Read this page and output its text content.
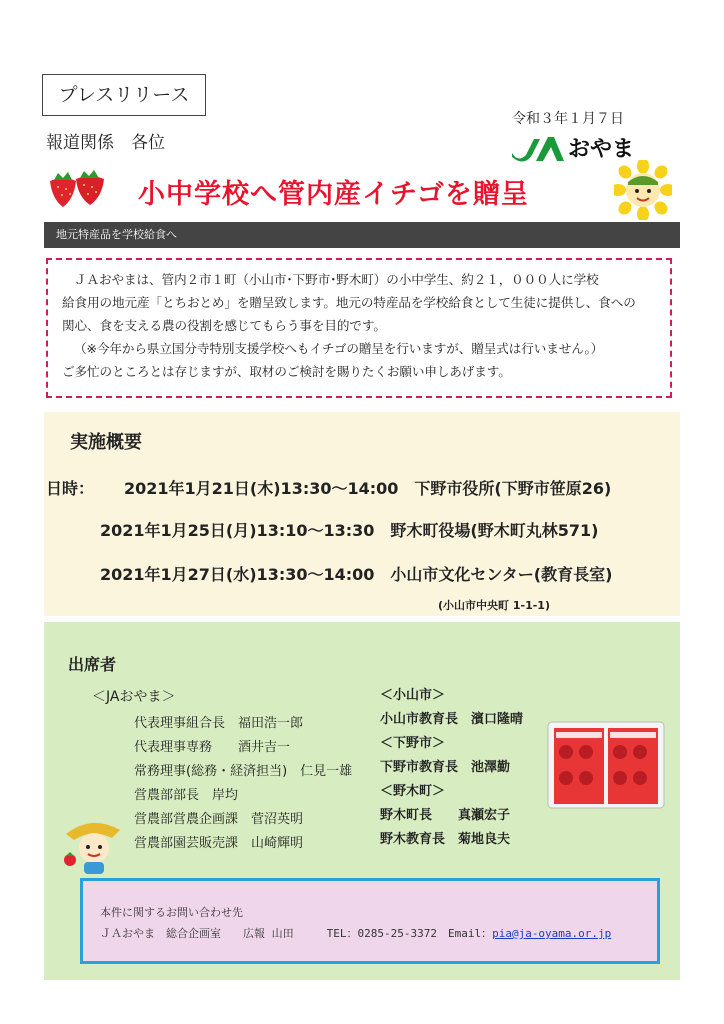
プレスリリース
報道関係　各位
令和３年１月７日
おやま
小中学校へ管内産イチゴを贈呈
地元特産品を学校給食へ
ＪＡおやまは、管内２市１町（小山市･下野市･野木町）の小中学生、約２１，０００人に学校
給食用の地元産「とちおとめ」を贈呈致します。地元の特産品を学校給食として生徒に提供し、食への
関心、食を支える農の役割を感じてもらう事を目的です。
（※今年から県立国分寺特別支援学校へもイチゴの贈呈を行いますが、贈呈式は行いません。）
ご多忙のところとは存じますが、取材のご検討を賜りたくお願い申しあげます。
実施概要
日時： 2021年1月21日(木)13:30～14:00　下野市役所(下野市笹原26)
2021年1月25日(月)13:10～13:30　野木町役場(野木町丸林571)
2021年1月27日(水)13:30～14:00　小山市文化センター(教育長室)
(小山市中央町 1-1-1)
出席者
＜JAおやま＞
代表理事組合長　福田浩一郎
代表理事専務　　酒井吉一
常務理事(総務・経済担当)　仁見一雄
営農部部長　岸均
営農部営農企画課　菅沼英明
営農部園芸販売課　山崎輝明
＜小山市＞
小山市教育長　濱口隆晴
＜下野市＞
下野市教育長　池澤勤
＜野木町＞
野木町長　　真瀬宏子
野木教育長　菊地良夫
本件に関するお問い合わせ先
ＪＡおやま　総合企画室　　広報 山田　　　TEL：0285-25-3372　Email：pia@ja-oyama.or.jp
